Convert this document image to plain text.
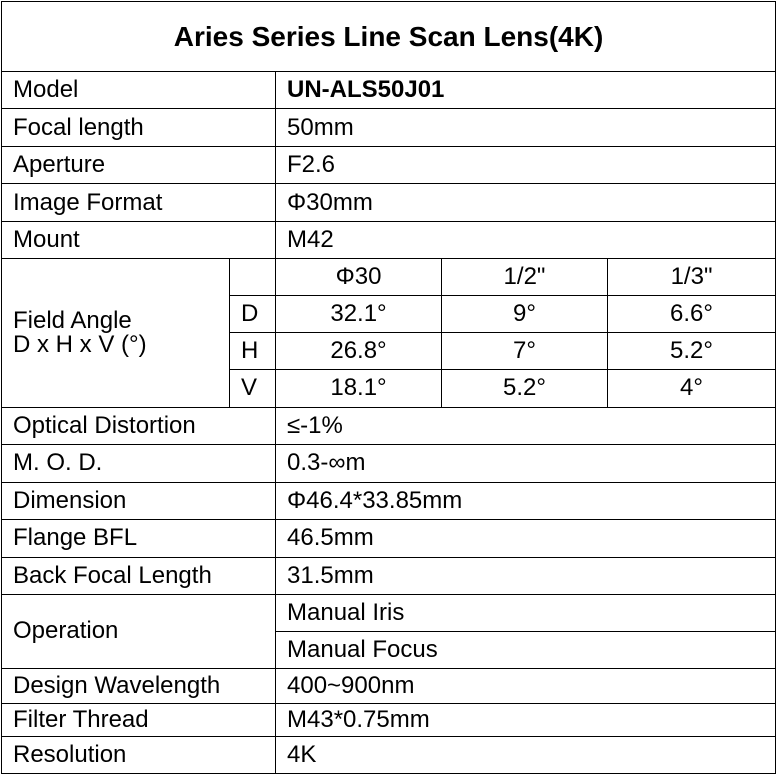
Aries Series Line Scan Lens(4K)				
Model		UN-ALS50J01		
Focal length		50mm		
Aperture		F2.6		
Image Format		Φ30mm		
Mount		M42		

Field Angle
D x H x V (°)		Φ30	1/2"	1/3"
	D	32.1°	9°	6.6°
	H	26.8°	7°	5.2°
	V	18.1°	5.2°	4°
Optical Distortion		≤-1%		
M. O. D.		0.3-∞m		
Dimension		Φ46.4*33.85mm		
Flange BFL		46.5mm		
Back Focal Length		31.5mm		
Operation		Manual Iris		
		Manual Focus		
Design Wavelength		400~900nm		
Filter Thread		M43*0.75mm		
Resolution		4K		
